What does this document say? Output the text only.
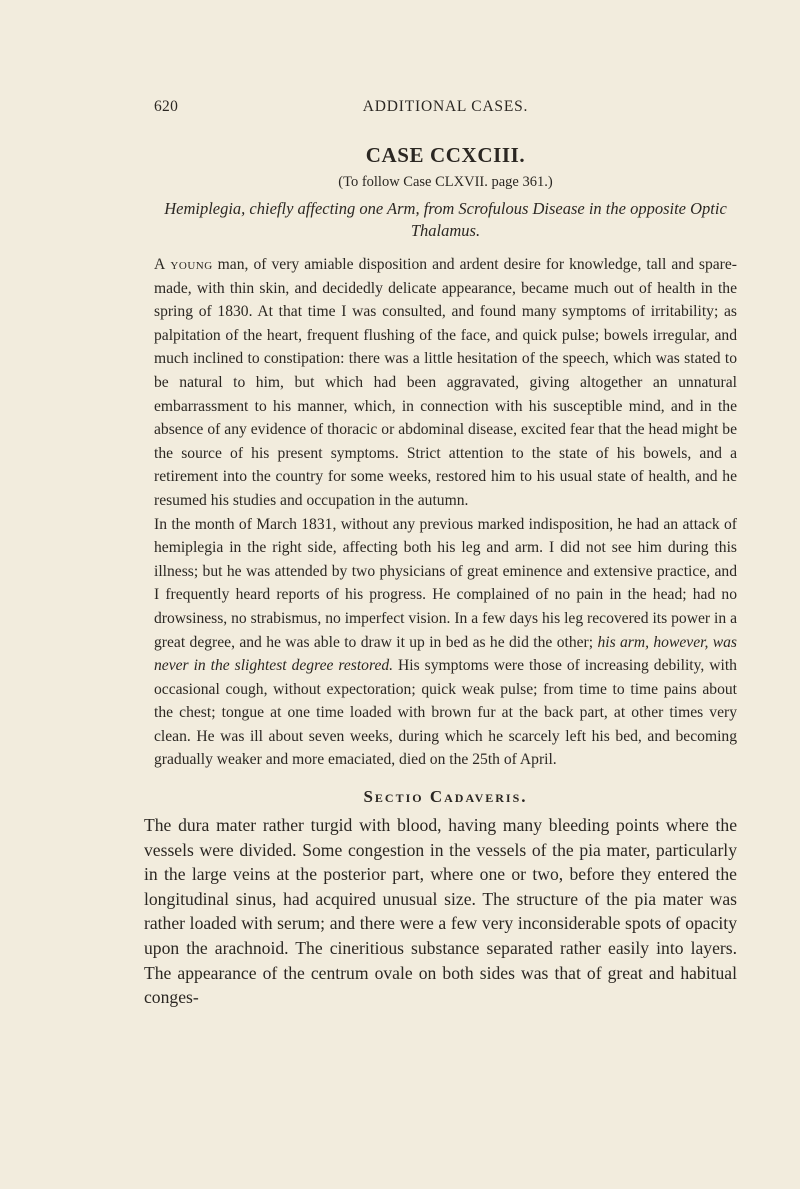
620	ADDITIONAL CASES.
CASE CCXCIII.

(To follow Case CLXVII. page 361.)

Hemiplegia, chiefly affecting one Arm, from Scrofulous Disease in the opposite Optic Thalamus.

A young man, of very amiable disposition and ardent desire for knowledge, tall and spare-made, with thin skin, and decidedly delicate appearance, became much out of health in the spring of 1830. At that time I was consulted, and found many symptoms of irritability; as palpitation of the heart, frequent flushing of the face, and quick pulse; bowels irregular, and much inclined to constipation: there was a little hesitation of the speech, which was stated to be natural to him, but which had been aggravated, giving altogether an unnatural embarrassment to his manner, which, in connection with his susceptible mind, and in the absence of any evidence of thoracic or abdominal disease, excited fear that the head might be the source of his present symptoms. Strict attention to the state of his bowels, and a retirement into the country for some weeks, restored him to his usual state of health, and he resumed his studies and occupation in the autumn.

In the month of March 1831, without any previous marked indisposition, he had an attack of hemiplegia in the right side, affecting both his leg and arm. I did not see him during this illness; but he was attended by two physicians of great eminence and extensive practice, and I frequently heard reports of his progress. He complained of no pain in the head; had no drowsiness, no strabismus, no imperfect vision. In a few days his leg recovered its power in a great degree, and he was able to draw it up in bed as he did the other; his arm, however, was never in the slightest degree restored. His symptoms were those of increasing debility, with occasional cough, without expectoration; quick weak pulse; from time to time pains about the chest; tongue at one time loaded with brown fur at the back part, at other times very clean. He was ill about seven weeks, during which he scarcely left his bed, and becoming gradually weaker and more emaciated, died on the 25th of April.

Sectio Cadaveris.

The dura mater rather turgid with blood, having many bleeding points where the vessels were divided. Some congestion in the vessels of the pia mater, particularly in the large veins at the posterior part, where one or two, before they entered the longitudinal sinus, had acquired unusual size. The structure of the pia mater was rather loaded with serum; and there were a few very inconsiderable spots of opacity upon the arachnoid. The cineritious substance separated rather easily into layers. The appearance of the centrum ovale on both sides was that of great and habitual conges-
